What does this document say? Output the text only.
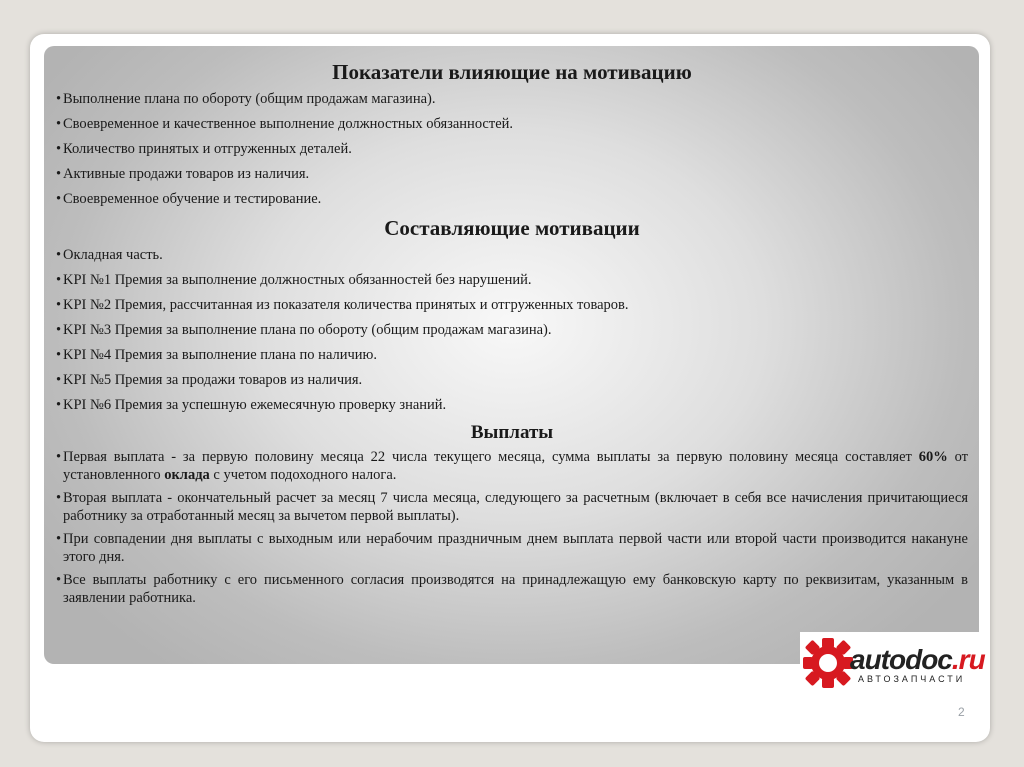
Показатели влияющие на мотивацию
• Выполнение плана по обороту (общим продажам магазина).
• Своевременное и качественное выполнение должностных обязанностей.
• Количество принятых и отгруженных деталей.
• Активные продажи товаров из наличия.
• Своевременное обучение и тестирование.
Составляющие мотивации
• Окладная часть.
• KPI №1 Премия за выполнение должностных обязанностей без нарушений.
• KPI №2 Премия, рассчитанная из показателя количества принятых и отгруженных товаров.
• KPI №3 Премия за выполнение плана по обороту (общим продажам магазина).
• KPI №4 Премия за выполнение плана по наличию.
• KPI №5 Премия за продажи товаров из наличия.
• KPI №6 Премия за успешную ежемесячную проверку знаний.
Выплаты
• Первая выплата - за первую половину месяца 22 числа текущего месяца, сумма выплаты за первую половину месяца составляет 60% от установленного оклада с учетом подоходного налога.
• Вторая выплата - окончательный расчет за месяц 7 числа месяца, следующего за расчетным (включает в себя все начисления причитающиеся работнику за отработанный месяц за вычетом первой выплаты).
• При совпадении дня выплаты с выходным или нерабочим праздничным днем выплата первой части или второй части производится накануне этого дня.
• Все выплаты работнику с его письменного согласия производятся на принадлежащую ему банковскую карту по реквизитам, указанным в заявлении работника.
autodoc.ru
АВТОЗАПЧАСТИ
2
